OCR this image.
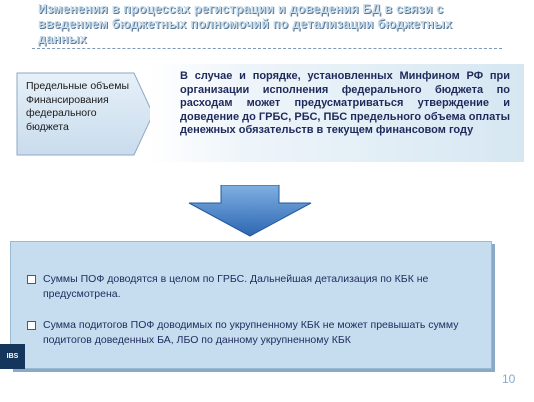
Изменения в процессах регистрации и доведения БД в связи с введением бюджетных полномочий по детализации бюджетных данных
Предельные объемы Финансирования федерального бюджета
В случае и порядке, установленных Минфином РФ при организации исполнения федерального бюджета по расходам может предусматриваться утверждение и доведение до ГРБС, РБС, ПБС предельного объема оплаты денежных обязательств в текущем финансовом году
Суммы ПОФ доводятся в целом по ГРБС. Дальнейшая детализация по КБК не предусмотрена.
Сумма подитогов ПОФ доводимых по укрупненному КБК не может превышать сумму подитогов доведенных БА, ЛБО по данному укрупненному КБК
IBS
10
